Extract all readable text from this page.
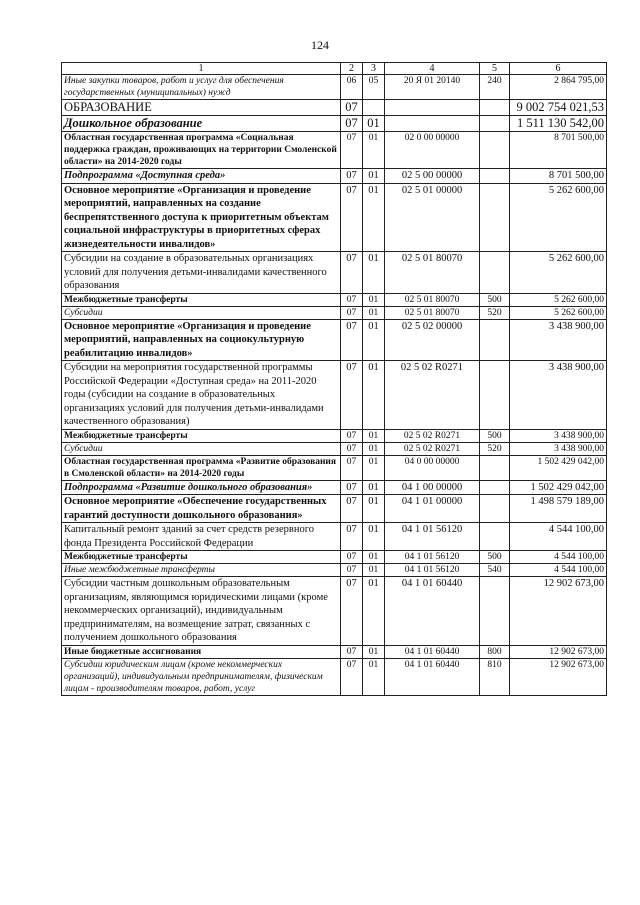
124
1	2	3	4	5	6
Иные закупки товаров, работ и услуг для обеспечения государственных (муниципальных) нужд	06	05	20 Я 01 20140	240	2 864 795,00
ОБРАЗОВАНИЕ	07				9 002 754 021,53
Дошкольное образование	07	01			1 511 130 542,00
Областная государственная программа «Социальная поддержка граждан, проживающих на территории Смоленской области» на 2014-2020 годы	07	01	02 0 00 00000		8 701 500,00
Подпрограмма «Доступная среда»	07	01	02 5 00 00000		8 701 500,00
Основное мероприятие «Организация и проведение мероприятий, направленных на создание беспрепятственного доступа к приоритетным объектам социальной инфраструктуры в приоритетных сферах жизнедеятельности инвалидов»	07	01	02 5 01 00000		5 262 600,00
Субсидии на создание в образовательных организациях условий для получения детьми-инвалидами качественного образования	07	01	02 5 01 80070		5 262 600,00
Межбюджетные трансферты	07	01	02 5 01 80070	500	5 262 600,00
Субсидии	07	01	02 5 01 80070	520	5 262 600,00
Основное мероприятие «Организация и проведение мероприятий, направленных на социокультурную реабилитацию инвалидов»	07	01	02 5 02 00000		3 438 900,00
Субсидии на мероприятия государственной программы Российской Федерации «Доступная среда» на 2011-2020 годы (субсидии на создание в образовательных организациях условий для получения детьми-инвалидами качественного образования)	07	01	02 5 02 R0271		3 438 900,00
Межбюджетные трансферты	07	01	02 5 02 R0271	500	3 438 900,00
Субсидии	07	01	02 5 02 R0271	520	3 438 900,00
Областная государственная программа «Развитие образования в Смоленской области» на 2014-2020 годы	07	01	04 0 00 00000		1 502 429 042,00
Подпрограмма «Развитие дошкольного образования»	07	01	04 1 00 00000		1 502 429 042,00
Основное мероприятие «Обеспечение государственных гарантий доступности дошкольного образования»	07	01	04 1 01 00000		1 498 579 189,00
Капитальный ремонт зданий за счет средств резервного фонда Президента Российской Федерации	07	01	04 1 01 56120		4 544 100,00
Межбюджетные трансферты	07	01	04 1 01 56120	500	4 544 100,00
Иные межбюджетные трансферты	07	01	04 1 01 56120	540	4 544 100,00
Субсидии частным дошкольным образовательным организациям, являющимся юридическими лицами (кроме некоммерческих организаций), индивидуальным предпринимателям, на возмещение затрат, связанных с получением дошкольного образования	07	01	04 1 01 60440		12 902 673,00
Иные бюджетные ассигнования	07	01	04 1 01 60440	800	12 902 673,00
Субсидии юридическим лицам (кроме некоммерческих организаций), индивидуальным предпринимателям, физическим лицам - производителям товаров, работ, услуг	07	01	04 1 01 60440	810	12 902 673,00
